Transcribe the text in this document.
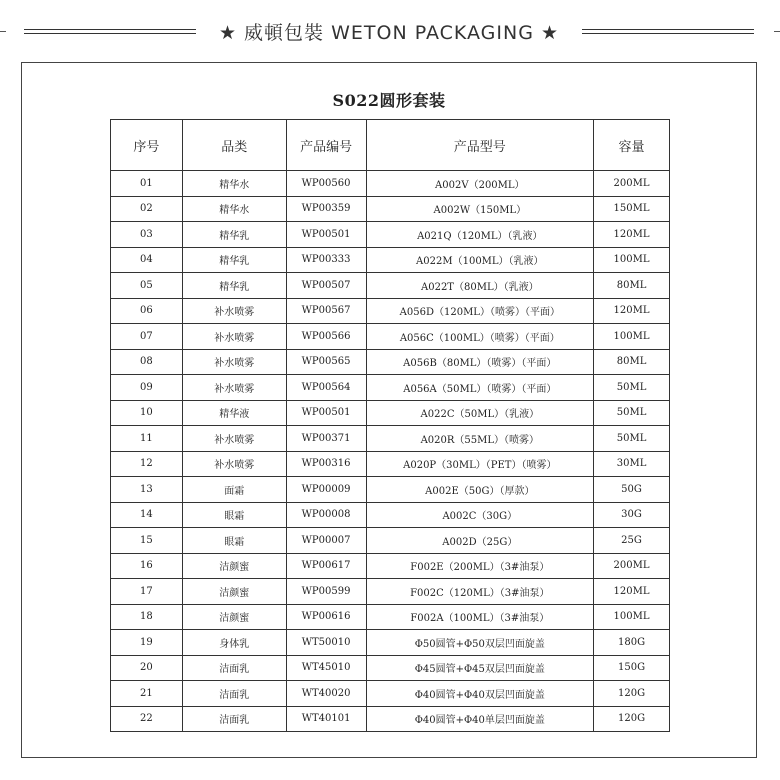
★ 威頓包裝 WETON PACKAGING ★
S022圆形套装
序号	品类	产品编号	产品型号	容量
01	精华水	WP00560	A002V（200ML）	200ML
02	精华水	WP00359	A002W（150ML）	150ML
03	精华乳	WP00501	A021Q（120ML）（乳液）	120ML
04	精华乳	WP00333	A022M（100ML）（乳液）	100ML
05	精华乳	WP00507	A022T（80ML）（乳液）	80ML
06	补水喷雾	WP00567	A056D（120ML）（喷雾）（平面）	120ML
07	补水喷雾	WP00566	A056C（100ML）（喷雾）（平面）	100ML
08	补水喷雾	WP00565	A056B（80ML）（喷雾）（平面）	80ML
09	补水喷雾	WP00564	A056A（50ML）（喷雾）（平面）	50ML
10	精华液	WP00501	A022C（50ML）（乳液）	50ML
11	补水喷雾	WP00371	A020R（55ML）（喷雾）	50ML
12	补水喷雾	WP00316	A020P（30ML）（PET）（喷雾）	30ML
13	面霜	WP00009	A002E（50G）（厚款）	50G
14	眼霜	WP00008	A002C（30G）	30G
15	眼霜	WP00007	A002D（25G）	25G
16	洁颜蜜	WP00617	F002E（200ML）（3#油泵）	200ML
17	洁颜蜜	WP00599	F002C（120ML）（3#油泵）	120ML
18	洁颜蜜	WP00616	F002A（100ML）（3#油泵）	100ML
19	身体乳	WT50010	Φ50圆管+Φ50双层凹面旋盖	180G
20	洁面乳	WT45010	Φ45圆管+Φ45双层凹面旋盖	150G
21	洁面乳	WT40020	Φ40圆管+Φ40双层凹面旋盖	120G
22	洁面乳	WT40101	Φ40圆管+Φ40单层凹面旋盖	120G
